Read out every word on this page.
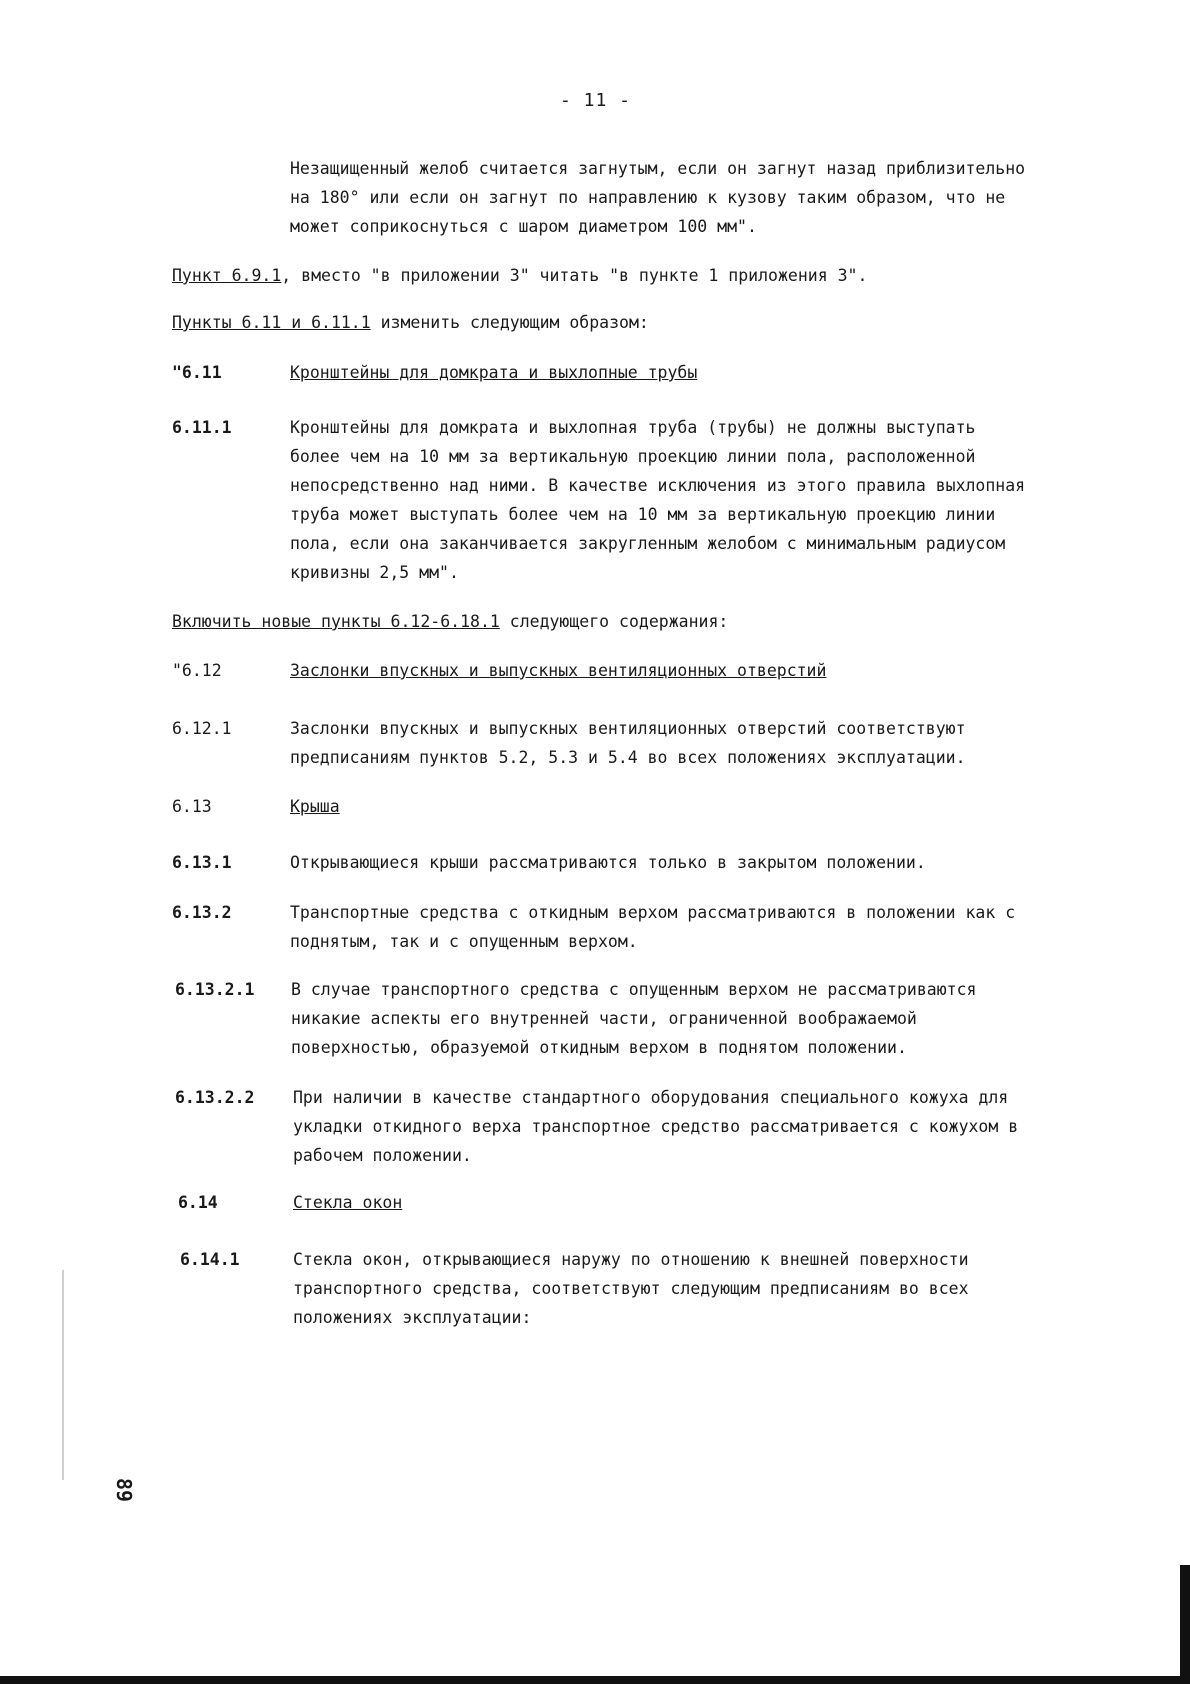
- 11 -
Незащищенный желоб считается загнутым, если он загнут назад приблизительно
на 180° или если он загнут по направлению к кузову таким образом, что не
может соприкоснуться с шаром диаметром 100 мм".
Пункт 6.9.1, вместо "в приложении 3" читать "в пункте 1 приложения 3".
Пункты 6.11 и 6.11.1 изменить следующим образом:
"6.11	Кронштейны для домкрата и выхлопные трубы
6.11.1	Кронштейны для домкрата и выхлопная труба (трубы) не должны выступать
более чем на 10 мм за вертикальную проекцию линии пола, расположенной
непосредственно над ними. В качестве исключения из этого правила выхлопная
труба может выступать более чем на 10 мм за вертикальную проекцию линии
пола, если она заканчивается закругленным желобом с минимальным радиусом
кривизны 2,5 мм".
Включить новые пункты 6.12-6.18.1 следующего содержания:
"6.12	Заслонки впускных и выпускных вентиляционных отверстий
6.12.1	Заслонки впускных и выпускных вентиляционных отверстий соответствуют
предписаниям пунктов 5.2, 5.3 и 5.4 во всех положениях эксплуатации.
6.13	Крыша
6.13.1	Открывающиеся крыши рассматриваются только в закрытом положении.
6.13.2	Транспортные средства с откидным верхом рассматриваются в положении как с
поднятым, так и с опущенным верхом.
6.13.2.1 В случае транспортного средства с опущенным верхом не рассматриваются
никакие аспекты его внутренней части, ограниченной воображаемой
поверхностью, образуемой откидным верхом в поднятом положении.
6.13.2.2 При наличии в качестве стандартного оборудования специального кожуха для
укладки откидного верха транспортное средство рассматривается с кожухом в
рабочем положении.
6.14	Стекла окон
6.14.1	Стекла окон, открывающиеся наружу по отношению к внешней поверхности
транспортного средства, соответствуют следующим предписаниям во всех
положениях эксплуатации:
89
